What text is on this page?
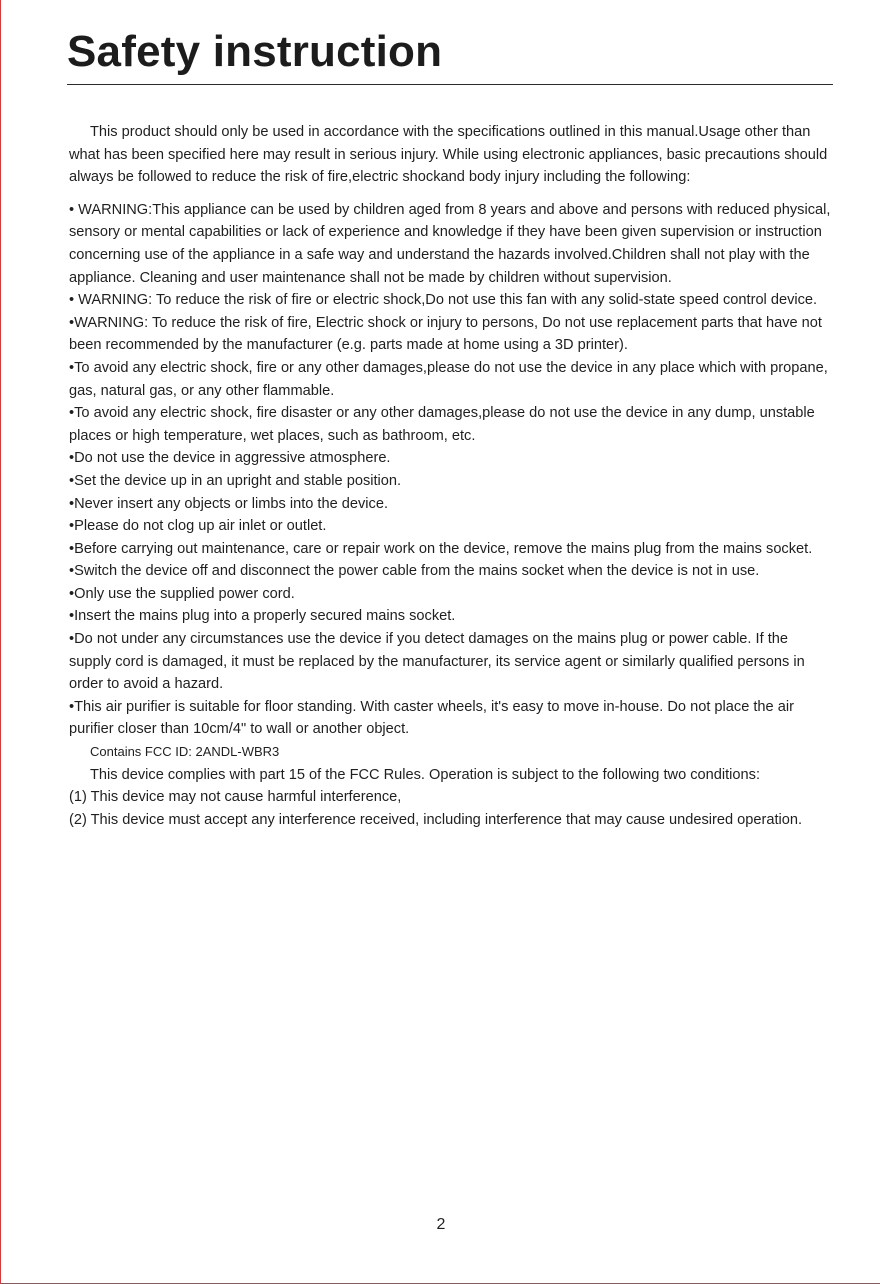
Safety instruction

This product should only be used in accordance with the specifications outlined in this manual.Usage other than what has been specified here may result in serious injury. While using electronic appliances, basic precautions should always be followed to reduce the risk of fire,electric shockand body injury including the following:

• WARNING:This appliance can be used by children aged from 8 years and above and persons with reduced physical, sensory or mental capabilities or lack of experience and knowledge if they have been given supervision or instruction concerning use of the appliance in a safe way and understand the hazards involved.Children shall not play with the

appliance. Cleaning and user maintenance shall not be made by children without supervision.

• WARNING: To reduce the risk of fire or electric shock,Do not use this fan with any solid-state speed control device.

•WARNING: To reduce the risk of fire, Electric shock or injury to persons, Do not use replacement parts that have not been recommended by the manufacturer (e.g. parts made at home using a 3D printer).

•To avoid any electric shock, fire or any other damages,please do not use the device in any place which with propane, gas, natural gas, or any other flammable.

•To avoid any electric shock, fire disaster or any other damages,please do not use the device in any dump, unstable places or high temperature, wet places, such as bathroom, etc.

•Do not use the device in aggressive atmosphere.

•Set the device up in an upright and stable position.

•Never insert any objects or limbs into the device.

•Please do not clog up air inlet or outlet.

•Before carrying out maintenance, care or repair work on the device, remove the mains plug from the mains socket.

•Switch the device off and disconnect the power cable from the mains socket when the device is not in use.

•Only use the supplied power cord.

•Insert the mains plug into a properly secured mains socket.

•Do not under any circumstances use the device if you detect damages on the mains plug or power cable. If the supply cord is damaged, it must be replaced by the manufacturer, its service agent or similarly qualified persons in order to avoid a hazard.

•This air purifier is suitable for floor standing. With caster wheels, it's easy to move in-house. Do not place the air purifier closer than 10cm/4" to wall or another object.

Contains FCC ID: 2ANDL-WBR3

This device complies with part 15 of the FCC Rules. Operation is subject to the following two conditions:

(1) This device may not cause harmful interference,

(2) This device must accept any interference received, including interference that may cause undesired operation.

2
